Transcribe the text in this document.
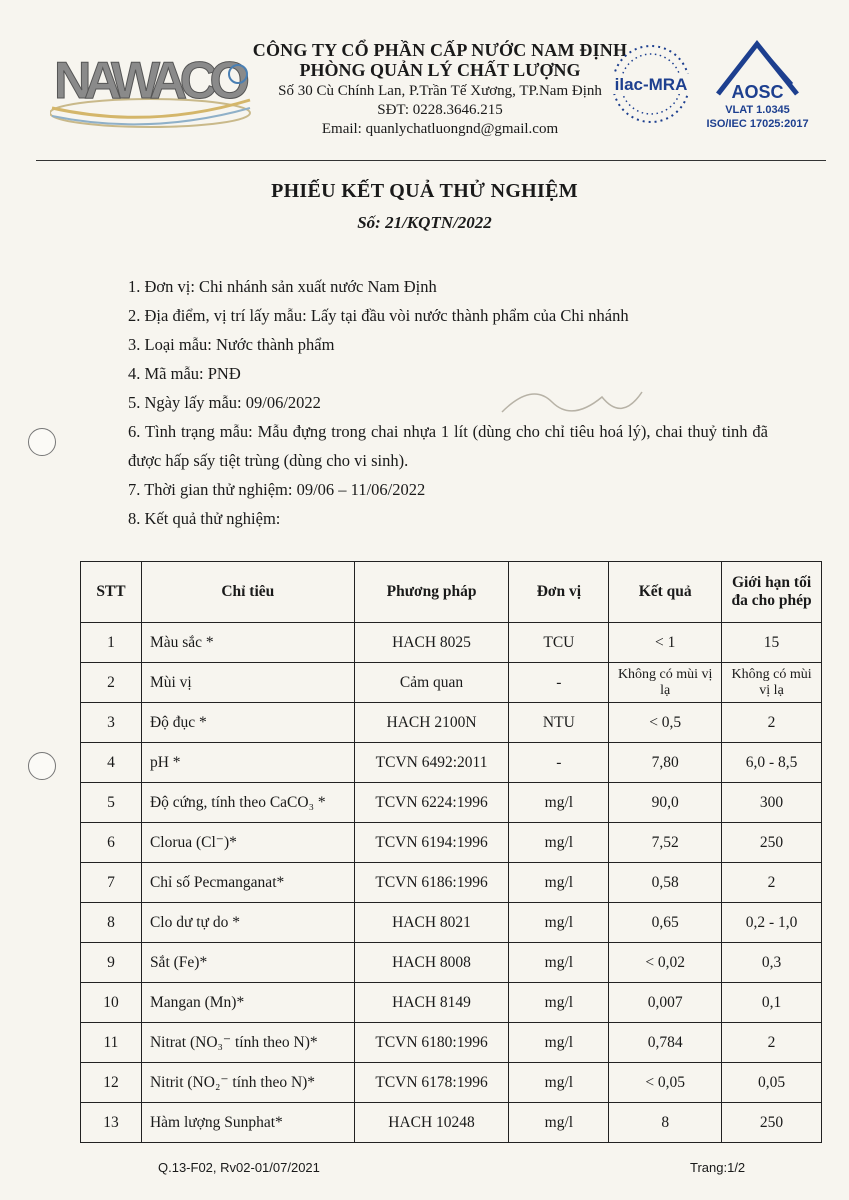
NAWACO
CÔNG TY CỔ PHẦN CẤP NƯỚC NAM ĐỊNH
PHÒNG QUẢN LÝ CHẤT LƯỢNG
Số 30 Cù Chính Lan, P.Trần Tế Xương, TP.Nam Định
SĐT: 0228.3646.215
Email: quanlychatluongnd@gmail.com
ilac-MRA	AOSC
VLAT 1.0345
ISO/IEC 17025:2017
PHIẾU KẾT QUẢ THỬ NGHIỆM
Số: 21/KQTN/2022
1. Đơn vị: Chi nhánh sản xuất nước Nam Định
2. Địa điểm, vị trí lấy mẫu: Lấy tại đầu vòi nước thành phẩm của Chi nhánh
3. Loại mẫu: Nước thành phẩm
4. Mã mẫu: PNĐ
5. Ngày lấy mẫu: 09/06/2022
6. Tình trạng mẫu: Mẫu đựng trong chai nhựa 1 lít (dùng cho chỉ tiêu hoá lý), chai thuỷ tinh đã được hấp sấy tiệt trùng (dùng cho vi sinh).
7. Thời gian thử nghiệm: 09/06 – 11/06/2022
8. Kết quả thử nghiệm:
STT	Chỉ tiêu	Phương pháp	Đơn vị	Kết quả	Giới hạn tối đa cho phép
1	Màu sắc *	HACH 8025	TCU	< 1	15
2	Mùi vị	Cảm quan	-	Không có mùi vị lạ	Không có mùi vị lạ
3	Độ đục *	HACH 2100N	NTU	< 0,5	2
4	pH *	TCVN 6492:2011	-	7,80	6,0 - 8,5
5	Độ cứng, tính theo CaCO₃ *	TCVN 6224:1996	mg/l	90,0	300
6	Clorua (Cl⁻)*	TCVN 6194:1996	mg/l	7,52	250
7	Chỉ số Pecmanganat*	TCVN 6186:1996	mg/l	0,58	2
8	Clo dư tự do *	HACH 8021	mg/l	0,65	0,2 - 1,0
9	Sắt (Fe)*	HACH 8008	mg/l	< 0,02	0,3
10	Mangan (Mn)*	HACH 8149	mg/l	0,007	0,1
11	Nitrat (NO₃⁻ tính theo N)*	TCVN 6180:1996	mg/l	0,784	2
12	Nitrit (NO₂⁻ tính theo N)*	TCVN 6178:1996	mg/l	< 0,05	0,05
13	Hàm lượng Sunphat*	HACH 10248	mg/l	8	250
Q.13-F02, Rv02-01/07/2021	Trang:1/2
